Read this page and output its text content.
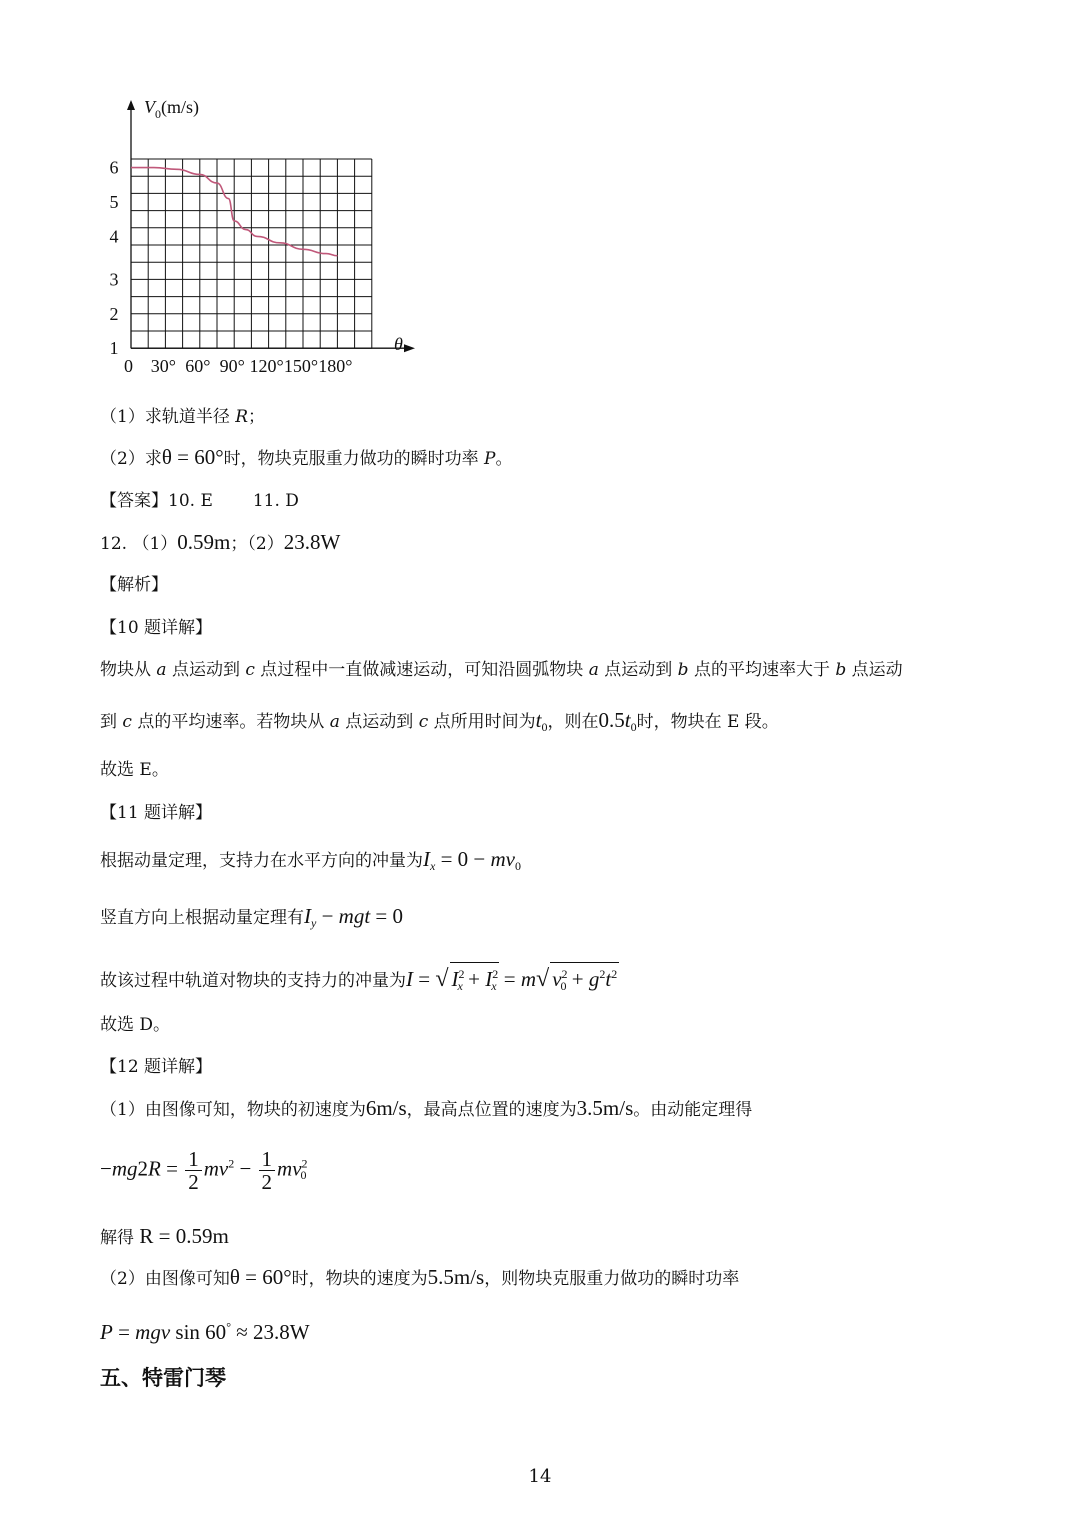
1
2
3
4
5
6
30° 60° 90° 120° 150° 180°
$V_0(m/s)$
θ
0
（1）求轨道半径 R；
（2）求θ = 60°时，物块克服重力做功的瞬时功率 P。
【答案】10. E 11. D
12. （1）0.59m；（2）23.8W
【解析】
【10 题详解】
物块从 a 点运动到 c 点过程中一直做减速运动，可知沿圆弧物块 a 点运动到 b 点的平均速率大于 b 点运动
到 c 点的平均速率。若物块从 a 点运动到 c 点所用时间为$t_0$，则在$0.5t_0$时，物块在 E 段。
故选 E。
【11 题详解】
根据动量定理，支持力在水平方向的冲量为$I_x = 0 - mv_0$
竖直方向上根据动量定理有$I_y$ − mgt = 0
故该过程中轨道对物块的支持力的冲量为I = √ $I^2_x + I^2_x = m√$ $v^2_0 + g^2t^2$
故选 D。
【12 题详解】
（1）由图像可知，物块的初速度为6m/s，最高点位置的速度为3.5m/s。由动能定理得
$-mg2R = \frac{1}{2} mv^2 - \frac{1}{2} mv^2_0$
解得 R = 0.59m
（2）由图像可知θ = 60°时，物块的速度为5.5m/s，则物块克服重力做功的瞬时功率
P = mgv sin 60° ≈ 23.8W
五、特雷门琴
14
